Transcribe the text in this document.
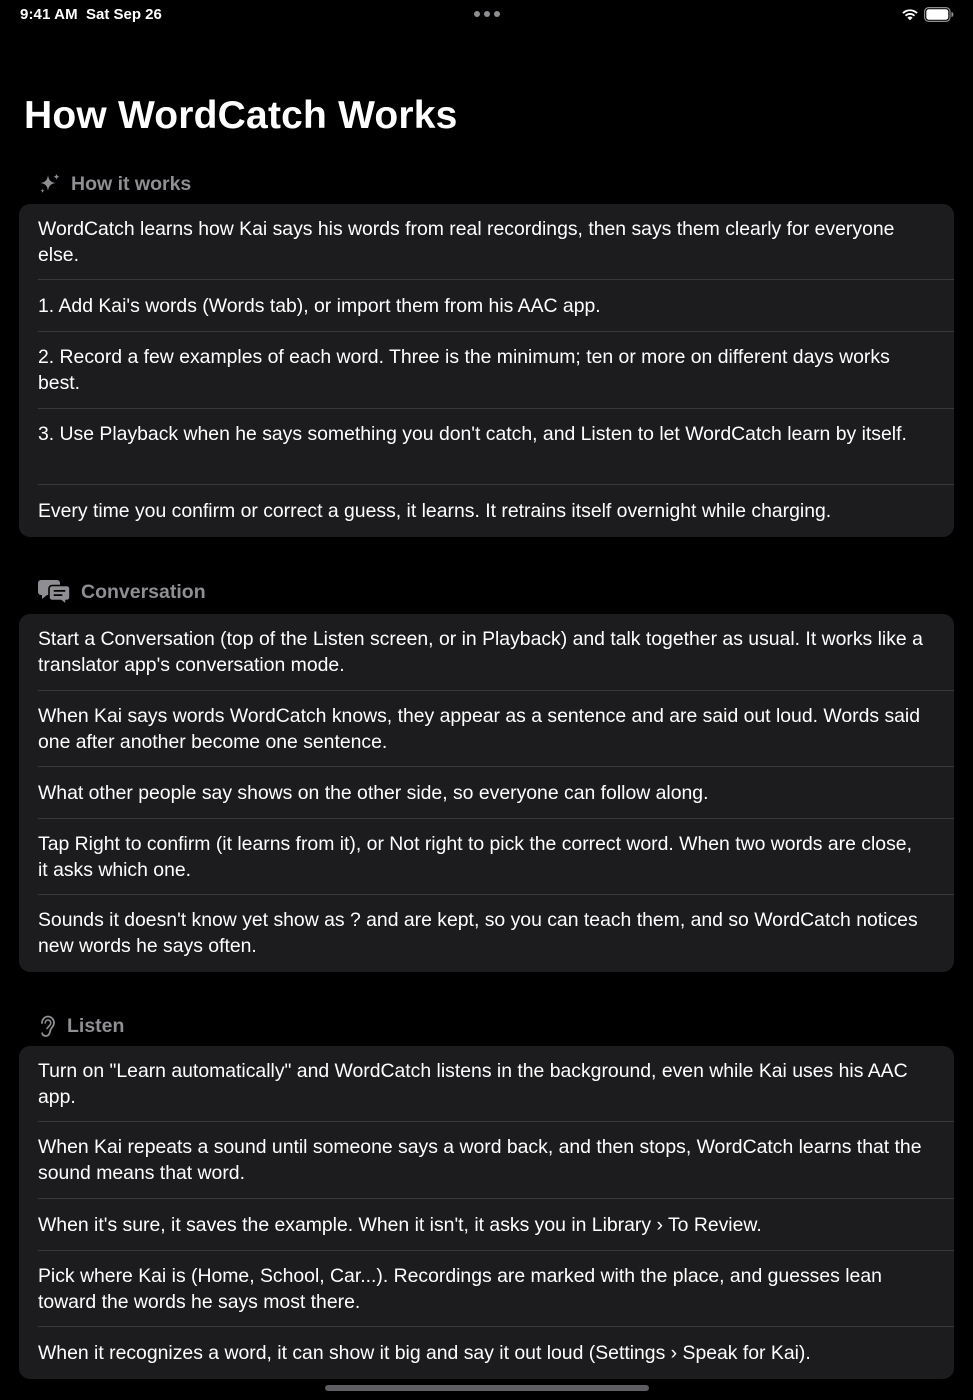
9:41 AM Sat Sep 26
How WordCatch Works
How it works
WordCatch learns how Kai says his words from real recordings, then says them clearly for everyone else.
1. Add Kai's words (Words tab), or import them from his AAC app.
2. Record a few examples of each word. Three is the minimum; ten or more on different days works best.
3. Use Playback when he says something you don't catch, and Listen to let WordCatch learn by itself.
Every time you confirm or correct a guess, it learns. It retrains itself overnight while charging.
Conversation
Start a Conversation (top of the Listen screen, or in Playback) and talk together as usual. It works like a translator app's conversation mode.
When Kai says words WordCatch knows, they appear as a sentence and are said out loud. Words said one after another become one sentence.
What other people say shows on the other side, so everyone can follow along.
Tap Right to confirm (it learns from it), or Not right to pick the correct word. When two words are close, it asks which one.
Sounds it doesn't know yet show as ? and are kept, so you can teach them, and so WordCatch notices new words he says often.
Listen
Turn on "Learn automatically" and WordCatch listens in the background, even while Kai uses his AAC app.
When Kai repeats a sound until someone says a word back, and then stops, WordCatch learns that the sound means that word.
When it's sure, it saves the example. When it isn't, it asks you in Library › To Review.
Pick where Kai is (Home, School, Car...). Recordings are marked with the place, and guesses lean toward the words he says most there.
When it recognizes a word, it can show it big and say it out loud (Settings › Speak for Kai).
